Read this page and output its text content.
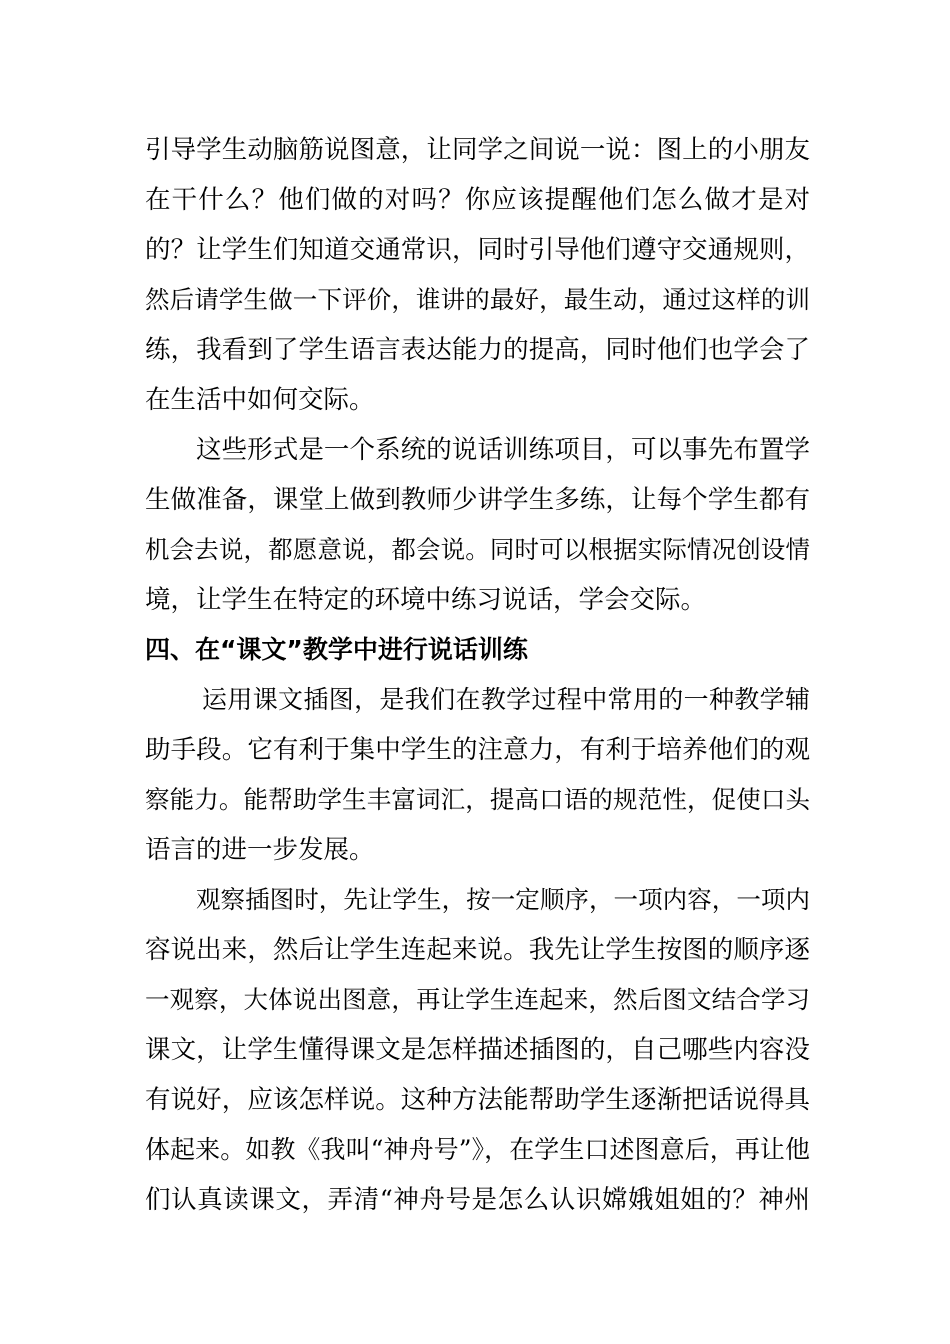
引导学生动脑筋说图意，让同学之间说一说：图上的小朋友
在干什么？他们做的对吗？你应该提醒他们怎么做才是对
的？让学生们知道交通常识，同时引导他们遵守交通规则，
然后请学生做一下评价，谁讲的最好，最生动，通过这样的训
练，我看到了学生语言表达能力的提高，同时他们也学会了
在生活中如何交际。
这些形式是一个系统的说话训练项目，可以事先布置学
生做准备，课堂上做到教师少讲学生多练，让每个学生都有
机会去说，都愿意说，都会说。同时可以根据实际情况创设情
境，让学生在特定的环境中练习说话，学会交际。
四、在“课文”教学中进行说话训练
运用课文插图，是我们在教学过程中常用的一种教学辅
助手段。它有利于集中学生的注意力，有利于培养他们的观
察能力。能帮助学生丰富词汇，提高口语的规范性，促使口头
语言的进一步发展。
观察插图时，先让学生，按一定顺序，一项内容，一项内
容说出来，然后让学生连起来说。我先让学生按图的顺序逐
一观察，大体说出图意，再让学生连起来，然后图文结合学习
课文，让学生懂得课文是怎样描述插图的，自己哪些内容没
有说好，应该怎样说。这种方法能帮助学生逐渐把话说得具
体起来。如教《我叫“神舟号”》，在学生口述图意后，再让他
们认真读课文，弄清“神舟号是怎么认识嫦娥姐姐的？神州
